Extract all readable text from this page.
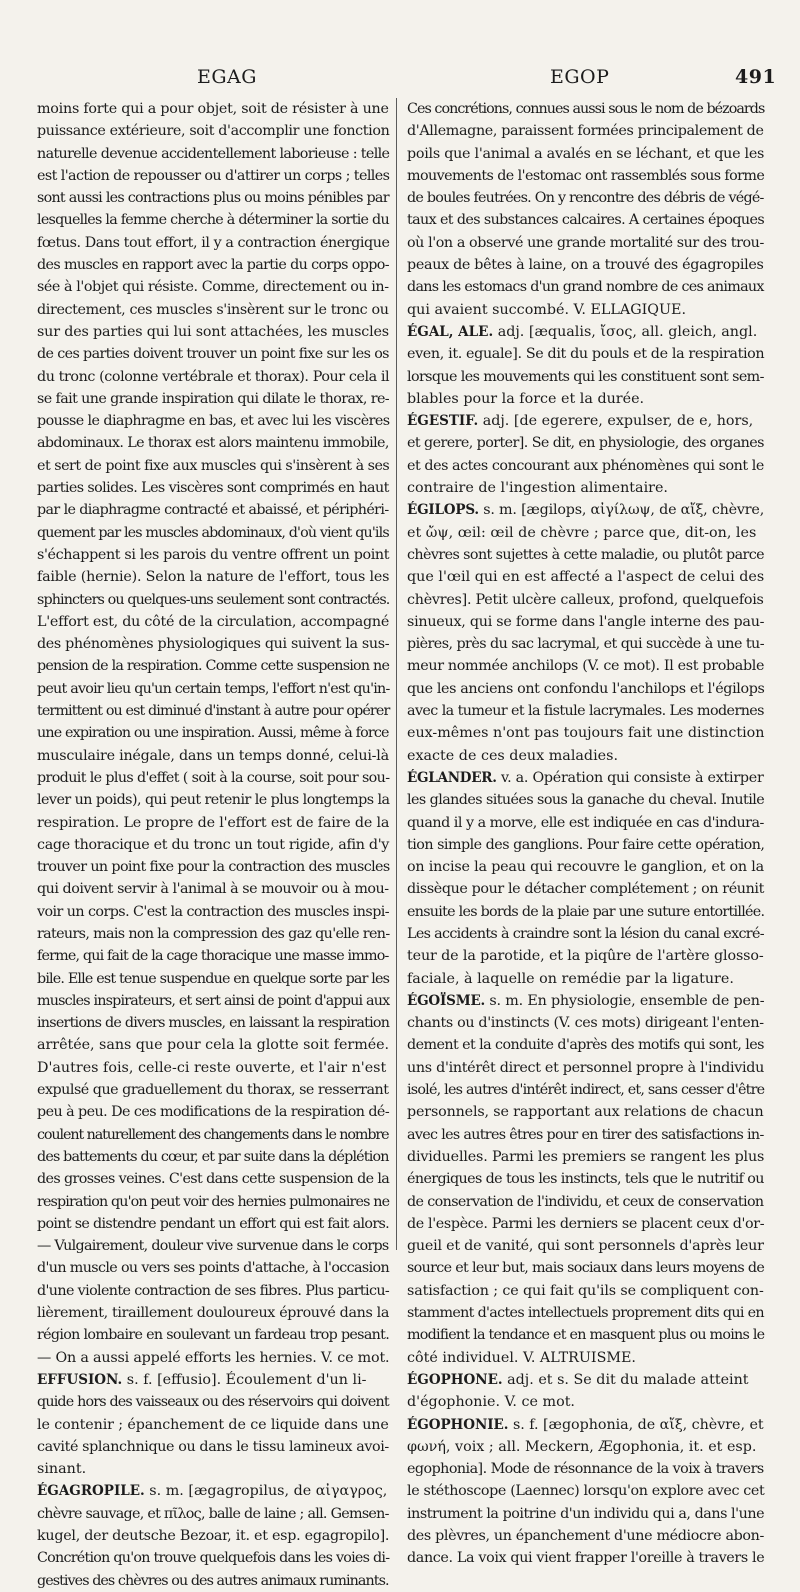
EGAG	EGOP	491
moins forte qui a pour objet, soit de résister à une
puissance extérieure, soit d'accomplir une fonction
naturelle devenue accidentellement laborieuse : telle
est l'action de repousser ou d'attirer un corps ; telles
sont aussi les contractions plus ou moins pénibles par
lesquelles la femme cherche à déterminer la sortie du
fœtus. Dans tout effort, il y a contraction énergique
des muscles en rapport avec la partie du corps oppo-
sée à l'objet qui résiste. Comme, directement ou in-
directement, ces muscles s'insèrent sur le tronc ou
sur des parties qui lui sont attachées, les muscles
de ces parties doivent trouver un point fixe sur les os
du tronc (colonne vertébrale et thorax). Pour cela il
se fait une grande inspiration qui dilate le thorax, re-
pousse le diaphragme en bas, et avec lui les viscères
abdominaux. Le thorax est alors maintenu immobile,
et sert de point fixe aux muscles qui s'insèrent à ses
parties solides. Les viscères sont comprimés en haut
par le diaphragme contracté et abaissé, et périphéri-
quement par les muscles abdominaux, d'où vient qu'ils
s'échappent si les parois du ventre offrent un point
faible (hernie). Selon la nature de l'effort, tous les
sphincters ou quelques-uns seulement sont contractés.
L'effort est, du côté de la circulation, accompagné
des phénomènes physiologiques qui suivent la sus-
pension de la respiration. Comme cette suspension ne
peut avoir lieu qu'un certain temps, l'effort n'est qu'in-
termittent ou est diminué d'instant à autre pour opérer
une expiration ou une inspiration. Aussi, même à force
musculaire inégale, dans un temps donné, celui-là
produit le plus d'effet ( soit à la course, soit pour sou-
lever un poids), qui peut retenir le plus longtemps la
respiration. Le propre de l'effort est de faire de la
cage thoracique et du tronc un tout rigide, afin d'y
trouver un point fixe pour la contraction des muscles
qui doivent servir à l'animal à se mouvoir ou à mou-
voir un corps. C'est la contraction des muscles inspi-
rateurs, mais non la compression des gaz qu'elle ren-
ferme, qui fait de la cage thoracique une masse immo-
bile. Elle est tenue suspendue en quelque sorte par les
muscles inspirateurs, et sert ainsi de point d'appui aux
insertions de divers muscles, en laissant la respiration
arrêtée, sans que pour cela la glotte soit fermée.
D'autres fois, celle-ci reste ouverte, et l'air n'est
expulsé que graduellement du thorax, se resserrant
peu à peu. De ces modifications de la respiration dé-
coulent naturellement des changements dans le nombre
des battements du cœur, et par suite dans la déplétion
des grosses veines. C'est dans cette suspension de la
respiration qu'on peut voir des hernies pulmonaires ne
point se distendre pendant un effort qui est fait alors.
— Vulgairement, douleur vive survenue dans le corps
d'un muscle ou vers ses points d'attache, à l'occasion
d'une violente contraction de ses fibres. Plus particu-
lièrement, tiraillement douloureux éprouvé dans la
région lombaire en soulevant un fardeau trop pesant.
— On a aussi appelé efforts les hernies. V. ce mot.
EFFUSION. s. f. [effusio]. Écoulement d'un li-
quide hors des vaisseaux ou des réservoirs qui doivent
le contenir ; épanchement de ce liquide dans une
cavité splanchnique ou dans le tissu lamineux avoi-
sinant.
ÉGAGROPILE. s. m. [ægagropilus, de αἰγαγρος,
chèvre sauvage, et πῖλος, balle de laine ; all. Gemsen-
kugel, der deutsche Bezoar, it. et esp. egagropilo].
Concrétion qu'on trouve quelquefois dans les voies di-
gestives des chèvres ou des autres animaux ruminants.
Ces concrétions, connues aussi sous le nom de bézoards
d'Allemagne, paraissent formées principalement de
poils que l'animal a avalés en se léchant, et que les
mouvements de l'estomac ont rassemblés sous forme
de boules feutrées. On y rencontre des débris de végé-
taux et des substances calcaires. A certaines époques
où l'on a observé une grande mortalité sur des trou-
peaux de bêtes à laine, on a trouvé des égagropiles
dans les estomacs d'un grand nombre de ces animaux
qui avaient succombé. V. ELLAGIQUE.
ÉGAL, ALE. adj. [æqualis, ἴσος, all. gleich, angl.
even, it. eguale]. Se dit du pouls et de la respiration
lorsque les mouvements qui les constituent sont sem-
blables pour la force et la durée.
ÉGESTIF. adj. [de egerere, expulser, de e, hors,
et gerere, porter]. Se dit, en physiologie, des organes
et des actes concourant aux phénomènes qui sont le
contraire de l'ingestion alimentaire.
ÉGILOPS. s. m. [ægilops, αἰγίλωψ, de αἴξ, chèvre,
et ὤψ, œil: œil de chèvre ; parce que, dit-on, les
chèvres sont sujettes à cette maladie, ou plutôt parce
que l'œil qui en est affecté a l'aspect de celui des
chèvres]. Petit ulcère calleux, profond, quelquefois
sinueux, qui se forme dans l'angle interne des pau-
pières, près du sac lacrymal, et qui succède à une tu-
meur nommée anchilops (V. ce mot). Il est probable
que les anciens ont confondu l'anchilops et l'égilops
avec la tumeur et la fistule lacrymales. Les modernes
eux-mêmes n'ont pas toujours fait une distinction
exacte de ces deux maladies.
ÉGLANDER. v. a. Opération qui consiste à extirper
les glandes situées sous la ganache du cheval. Inutile
quand il y a morve, elle est indiquée en cas d'indura-
tion simple des ganglions. Pour faire cette opération,
on incise la peau qui recouvre le ganglion, et on la
dissèque pour le détacher complétement ; on réunit
ensuite les bords de la plaie par une suture entortillée.
Les accidents à craindre sont la lésion du canal excré-
teur de la parotide, et la piqûre de l'artère glosso-
faciale, à laquelle on remédie par la ligature.
ÉGOÏSME. s. m. En physiologie, ensemble de pen-
chants ou d'instincts (V. ces mots) dirigeant l'enten-
dement et la conduite d'après des motifs qui sont, les
uns d'intérêt direct et personnel propre à l'individu
isolé, les autres d'intérêt indirect, et, sans cesser d'être
personnels, se rapportant aux relations de chacun
avec les autres êtres pour en tirer des satisfactions in-
dividuelles. Parmi les premiers se rangent les plus
énergiques de tous les instincts, tels que le nutritif ou
de conservation de l'individu, et ceux de conservation
de l'espèce. Parmi les derniers se placent ceux d'or-
gueil et de vanité, qui sont personnels d'après leur
source et leur but, mais sociaux dans leurs moyens de
satisfaction ; ce qui fait qu'ils se compliquent con-
stamment d'actes intellectuels proprement dits qui en
modifient la tendance et en masquent plus ou moins le
côté individuel. V. ALTRUISME.
ÉGOPHONE. adj. et s. Se dit du malade atteint
d'égophonie. V. ce mot.
ÉGOPHONIE. s. f. [ægophonia, de αἴξ, chèvre, et
φωνή, voix ; all. Meckern, Ægophonia, it. et esp.
egophonia]. Mode de résonnance de la voix à travers
le stéthoscope (Laennec) lorsqu'on explore avec cet
instrument la poitrine d'un individu qui a, dans l'une
des plèvres, un épanchement d'une médiocre abon-
dance. La voix qui vient frapper l'oreille à travers le
